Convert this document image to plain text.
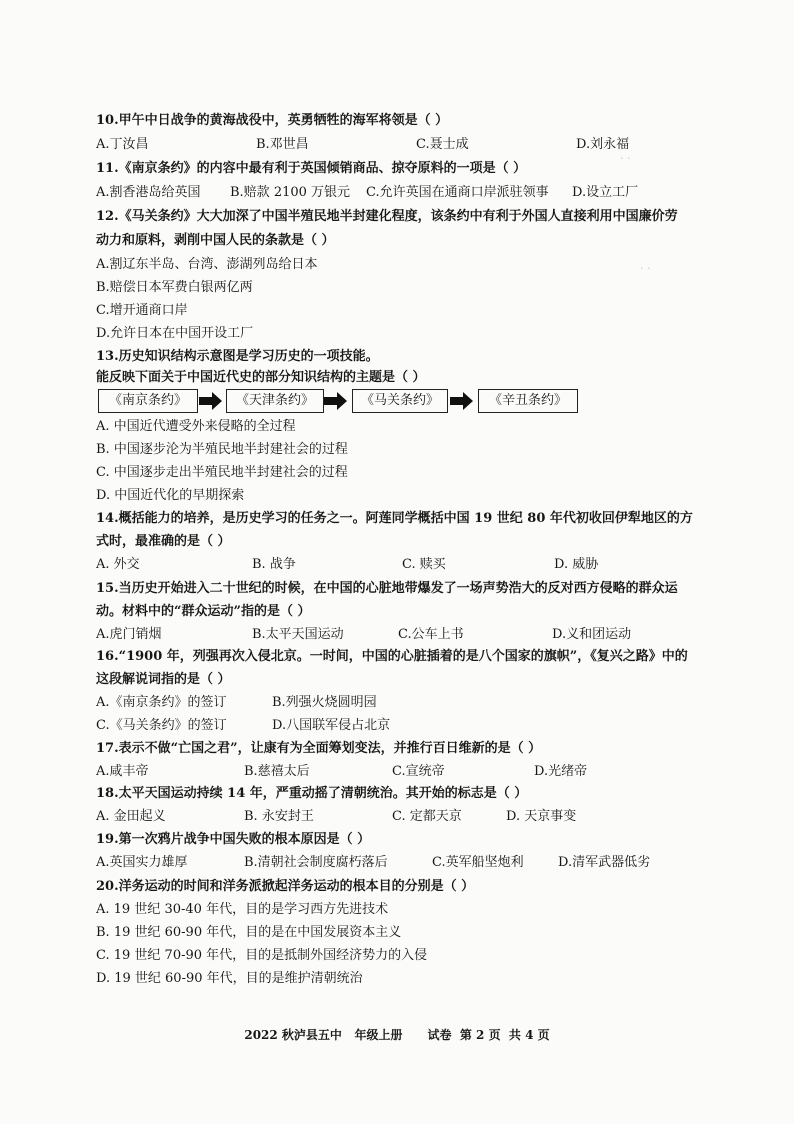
10.甲午中日战争的黄海战役中，英勇牺牲的海军将领是（ ）
A.丁汝昌	B.邓世昌	C.聂士成	D.刘永福
11.《南京条约》的内容中最有利于英国倾销商品、掠夺原料的一项是（ ）
A.割香港岛给英国 B.赔款 2100 万银元 C.允许英国在通商口岸派驻领事 D.设立工厂
12.《马关条约》大大加深了中国半殖民地半封建化程度，该条约中有利于外国人直接利用中国廉价劳
动力和原料，剥削中国人民的条款是（ ）
A.割辽东半岛、台湾、澎湖列岛给日本
B.赔偿日本军费白银两亿两
C.增开通商口岸
D.允许日本在中国开设工厂
13.历史知识结构示意图是学习历史的一项技能。
能反映下面关于中国近代史的部分知识结构的主题是（ ）
《南京条约》	《天津条约》	《马关条约》	《辛丑条约》
A. 中国近代遭受外来侵略的全过程
B. 中国逐步沦为半殖民地半封建社会的过程
C. 中国逐步走出半殖民地半封建社会的过程
D. 中国近代化的早期探索
14.概括能力的培养，是历史学习的任务之一。阿莲同学概括中国 19 世纪 80 年代初收回伊犁地区的方
式时，最准确的是（ ）
A. 外交	B. 战争	C. 赎买	D. 威胁
15.当历史开始进入二十世纪的时候，在中国的心脏地带爆发了一场声势浩大的反对西方侵略的群众运
动。材料中的“群众运动”指的是（ ）
A.虎门销烟	B.太平天国运动	C.公车上书	D.义和团运动
16.“1900 年，列强再次入侵北京。一时间，中国的心脏插着的是八个国家的旗帜”，《复兴之路》中的
这段解说词指的是（ ）
A.《南京条约》的签订	B.列强火烧圆明园
C.《马关条约》的签订	D.八国联军侵占北京
17.表示不做“亡国之君”，让康有为全面筹划变法，并推行百日维新的是（ ）
A.咸丰帝	B.慈禧太后	C.宣统帝	D.光绪帝
18.太平天国运动持续 14 年，严重动摇了清朝统治。其开始的标志是（ ）
A. 金田起义	B. 永安封王	C. 定都天京	D. 天京事变
19.第一次鸦片战争中国失败的根本原因是（ ）
A.英国实力雄厚	B.清朝社会制度腐朽落后	C.英军船坚炮利	D.清军武器低劣
20.洋务运动的时间和洋务派掀起洋务运动的根本目的分别是（ ）
A. 19 世纪 30-40 年代，目的是学习西方先进技术
B. 19 世纪 60-90 年代，目的是在中国发展资本主义
C. 19 世纪 70-90 年代，目的是抵制外国经济势力的入侵
D. 19 世纪 60-90 年代，目的是维护清朝统治
2022 秋泸县五中   年级上册      试卷  第 2 页  共 4 页
· ·
· ·
